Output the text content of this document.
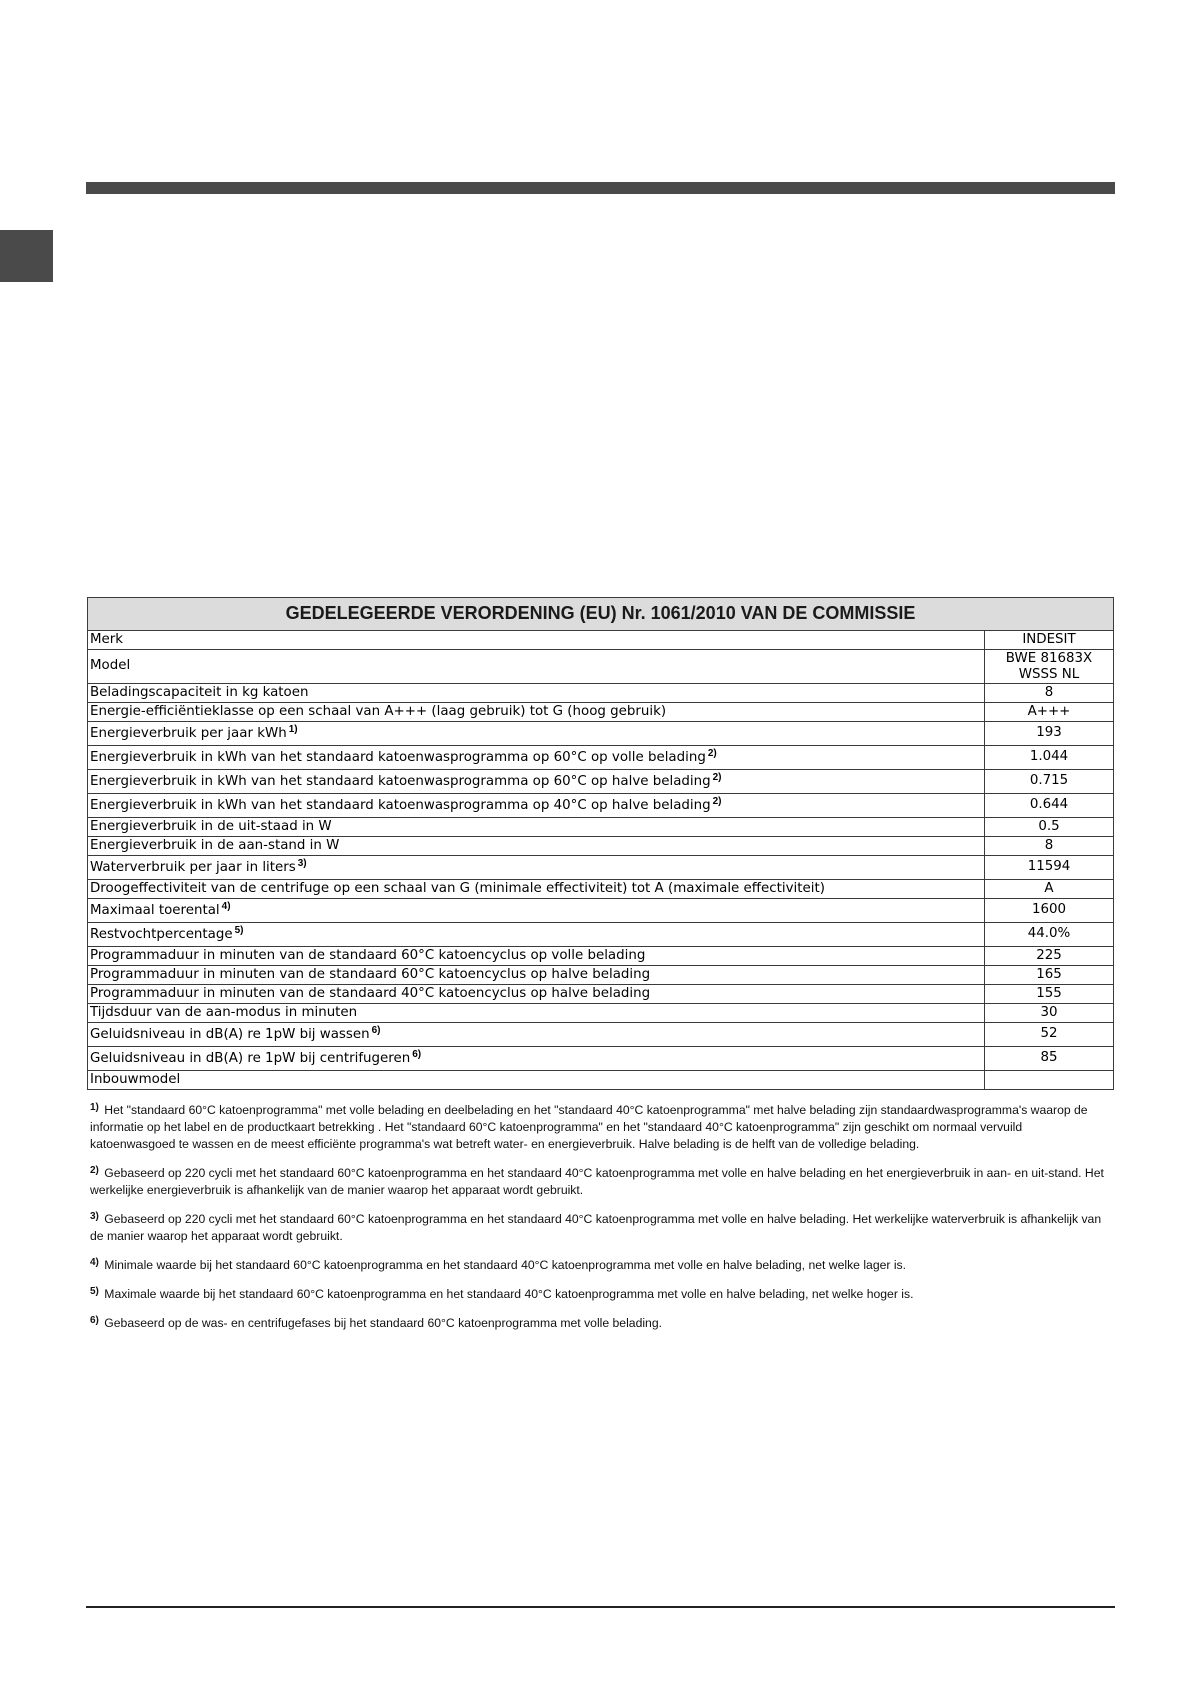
GEDELEGEERDE VERORDENING (EU) Nr. 1061/2010 VAN DE COMMISSIE	
Merk	INDESIT
Model	BWE 81683X WSSS NL
Beladingscapaciteit in kg katoen	8
Energie-efficiëntieklasse op een schaal van A+++ (laag gebruik) tot G (hoog gebruik)	A+++
Energieverbruik per jaar kWh $^{1)}$	193
Energieverbruik in kWh van het standaard katoenwasprogramma op 60°C op volle belading $^{2)}$	1.044
Energieverbruik in kWh van het standaard katoenwasprogramma op 60°C op halve belading $^{2)}$	0.715
Energieverbruik in kWh van het standaard katoenwasprogramma op 40°C op halve belading $^{2)}$	0.644
Energieverbruik in de uit-staad in W	0.5
Energieverbruik in de aan-stand in W	8
Waterverbruik per jaar in liters $^{3)}$	11594
Droogeffectiviteit van de centrifuge op een schaal van G (minimale effectiviteit) tot A (maximale effectiviteit)	A
Maximaal toerental $^{4)}$	1600
Restvochtpercentage $^{5)}$	44.0%
Programmaduur in minuten van de standaard 60°C katoencyclus op volle belading	225
Programmaduur in minuten van de standaard 60°C katoencyclus op halve belading	165
Programmaduur in minuten van de standaard 40°C katoencyclus op halve belading	155
Tijdsduur van de aan-modus in minuten	30
Geluidsniveau in dB(A) re 1pW bij wassen $^{6)}$	52
Geluidsniveau in dB(A) re 1pW bij centrifugeren $^{6)}$	85
Inbouwmodel	

$^{1)}$ Het "standaard 60°C katoenprogramma" met volle belading en deelbelading en het "standaard 40°C katoenprogramma" met halve belading zijn standaardwasprogramma's waarop de informatie op het label en de productkaart betrekking . Het "standaard 60°C katoenprogramma" en het "standaard 40°C katoenprogramma" zijn geschikt om normaal vervuild katoenwasgoed te wassen en de meest efficiënte programma's wat betreft water- en energieverbruik. Halve belading is de helft van de volledige belading.

$^{2)}$ Gebaseerd op 220 cycli met het standaard 60°C katoenprogramma en het standaard 40°C katoenprogramma met volle en halve belading en het energieverbruik in aan- en uit-stand. Het werkelijke energieverbruik is afhankelijk van de manier waarop het apparaat wordt gebruikt.

$^{3)}$ Gebaseerd op 220 cycli met het standaard 60°C katoenprogramma en het standaard 40°C katoenprogramma met volle en halve belading. Het werkelijke waterverbruik is afhankelijk van de manier waarop het apparaat wordt gebruikt.

$^{4)}$ Minimale waarde bij het standaard 60°C katoenprogramma en het standaard 40°C katoenprogramma met volle en halve belading, net welke lager is.

$^{5)}$ Maximale waarde bij het standaard 60°C katoenprogramma en het standaard 40°C katoenprogramma met volle en halve belading, net welke hoger is.

$^{6)}$ Gebaseerd op de was- en centrifugefases bij het standaard 60°C katoenprogramma met volle belading.
